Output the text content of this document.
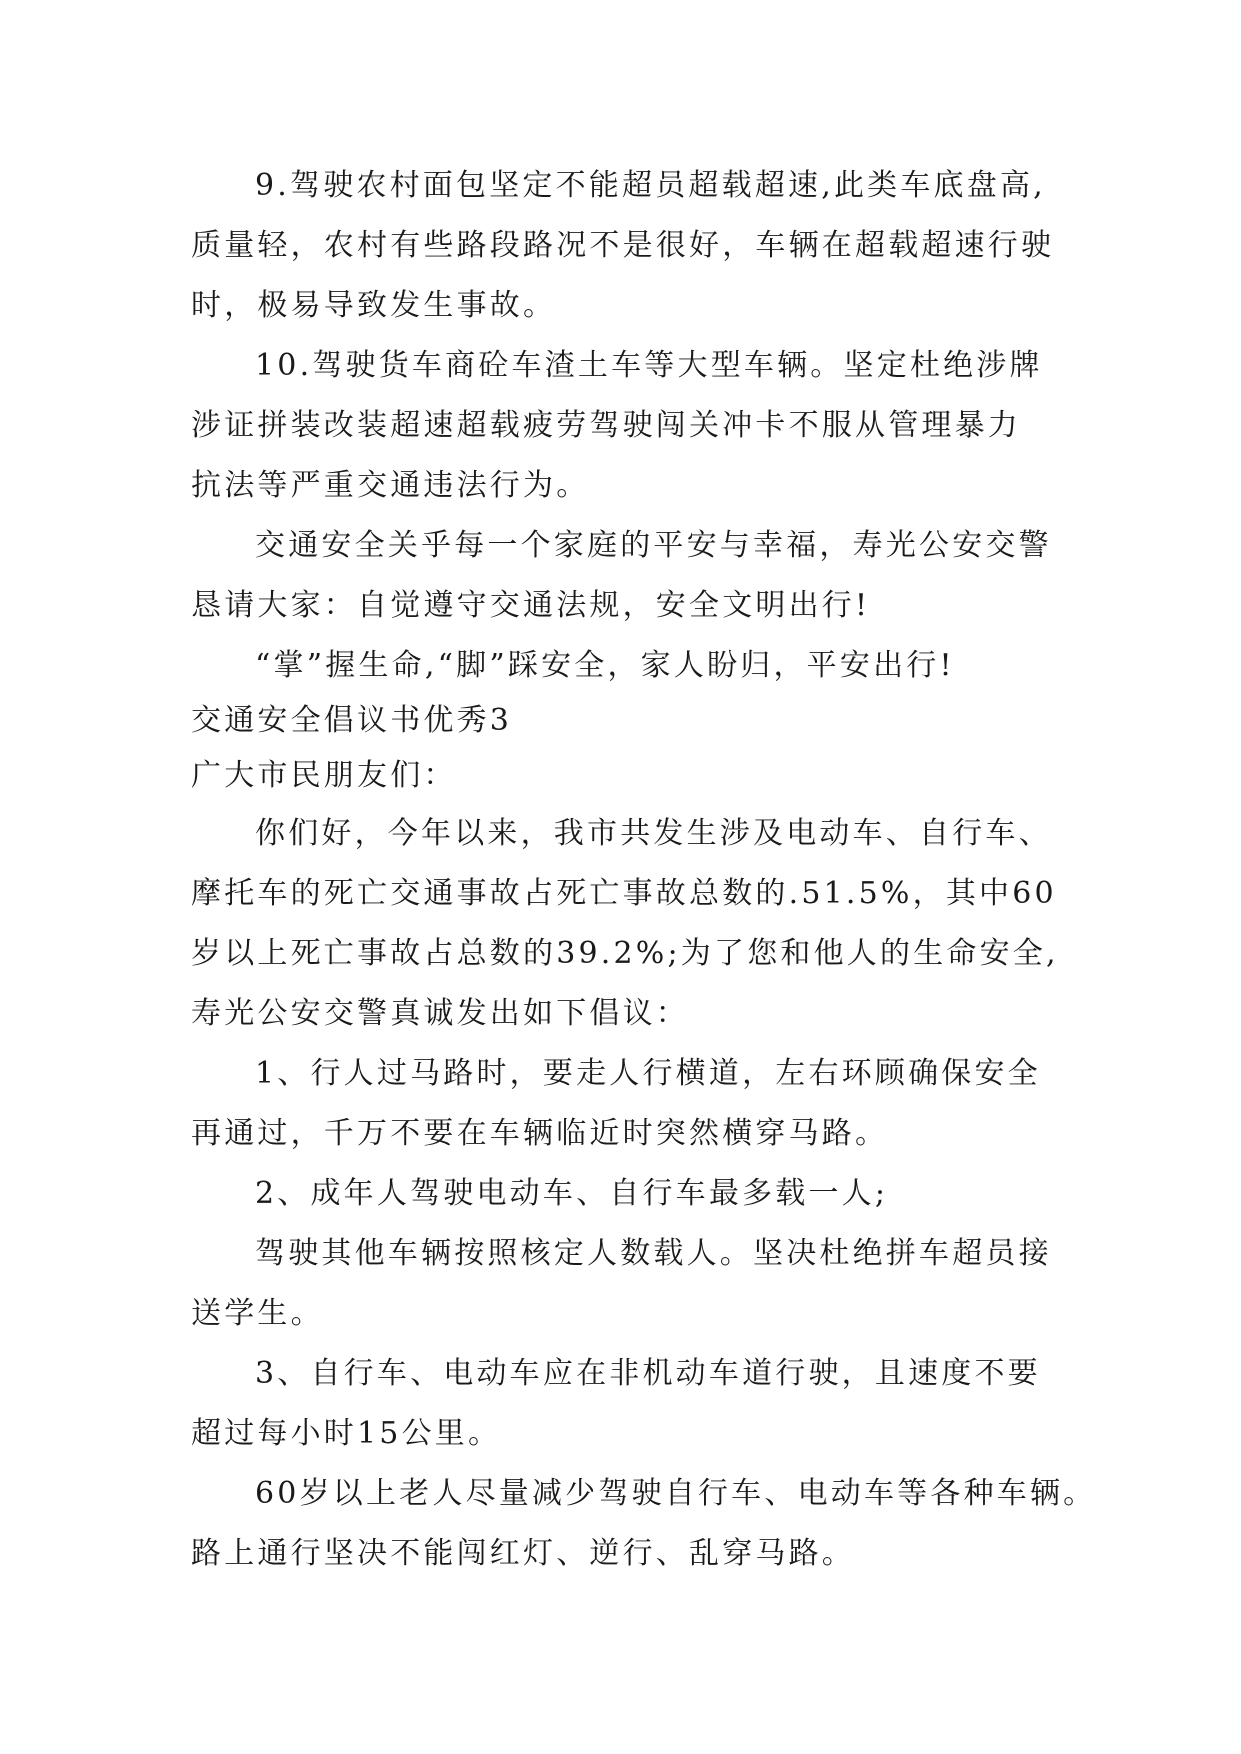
9.驾驶农村面包坚定不能超员超载超速,此类车底盘高,
质量轻，农村有些路段路况不是很好，车辆在超载超速行驶
时，极易导致发生事故。
10.驾驶货车商砼车渣土车等大型车辆。坚定杜绝涉牌
涉证拼装改装超速超载疲劳驾驶闯关冲卡不服从管理暴力
抗法等严重交通违法行为。
交通安全关乎每一个家庭的平安与幸福，寿光公安交警
恳请大家：自觉遵守交通法规，安全文明出行!
“掌”握生命,“脚”踩安全，家人盼归，平安出行!
交通安全倡议书优秀3
广大市民朋友们：
你们好，今年以来，我市共发生涉及电动车、自行车、
摩托车的死亡交通事故占死亡事故总数的.51.5%，其中60
岁以上死亡事故占总数的39.2%;为了您和他人的生命安全,
寿光公安交警真诚发出如下倡议：
1、行人过马路时，要走人行横道，左右环顾确保安全
再通过，千万不要在车辆临近时突然横穿马路。
2、成年人驾驶电动车、自行车最多载一人;
驾驶其他车辆按照核定人数载人。坚决杜绝拼车超员接
送学生。
3、自行车、电动车应在非机动车道行驶，且速度不要
超过每小时15公里。
60岁以上老人尽量减少驾驶自行车、电动车等各种车辆。
路上通行坚决不能闯红灯、逆行、乱穿马路。
